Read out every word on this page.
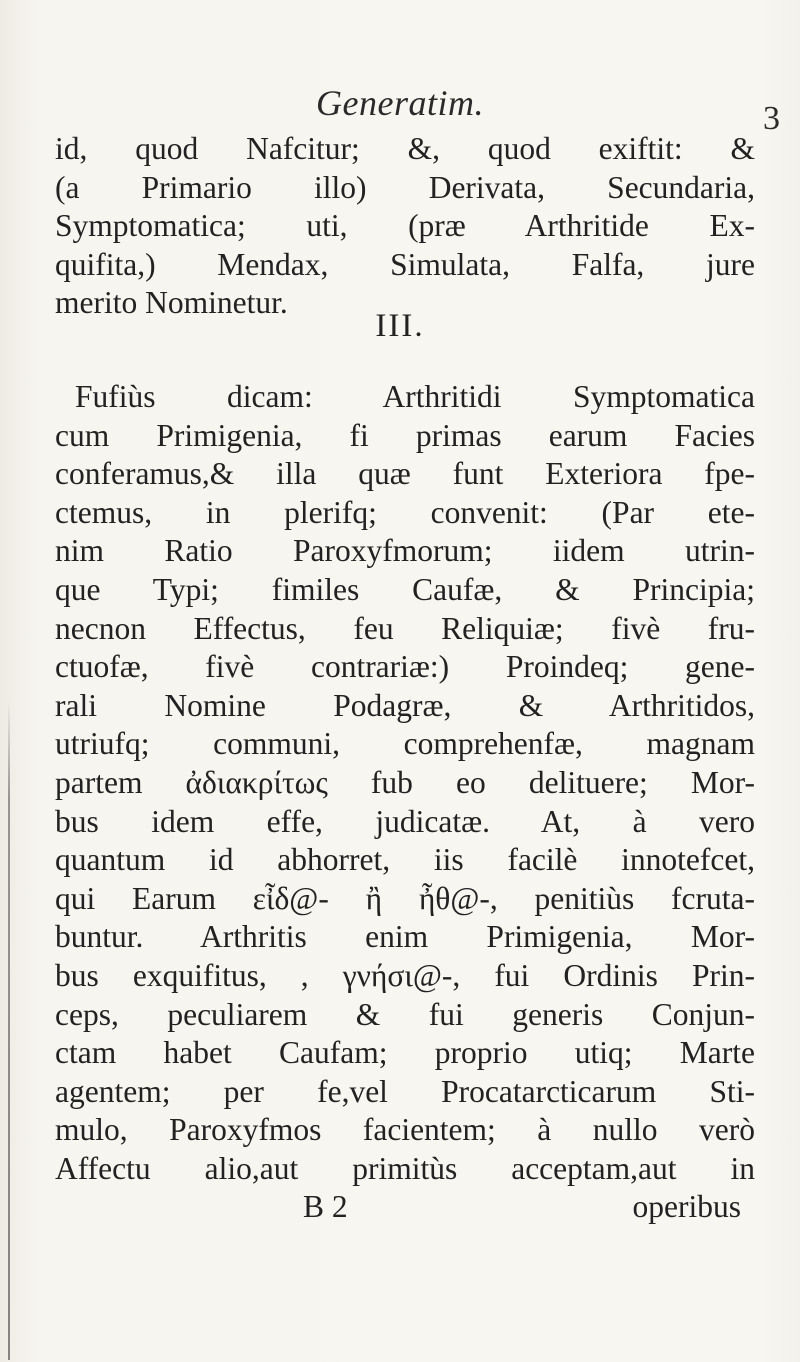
Generatim.	3
id, quod Nafcitur; &, quod exiftit: &
(a Primario illo) Derivata, Secundaria,
Symptomatica; uti, (præ Arthritide Ex-
quifita,) Mendax, Simulata, Falfa, jure
merito Nominetur.
III.
Fufiùs dicam: Arthritidi Symptomatica
cum Primigenia, fi primas earum Facies
conferamus,& illa quæ funt Exteriora fpe-
ctemus, in plerifq; convenit: (Par ete-
nim Ratio Paroxyfmorum; iidem utrin-
que Typi; fimiles Caufæ, & Principia;
necnon Effectus, feu Reliquiæ; fivè fru-
ctuofæ, fivè contrariæ:) Proindeq; gene-
rali Nomine Podagræ, & Arthritidos,
utriufq; communi, comprehenfæ, magnam
partem ἀδιακρίτως fub eo delituere; Mor-
bus idem effe, judicatæ. At, à vero
quantum id abhorret, iis facilè innotefcet,
qui Earum εἶδ@- ἢ ἦθ@-, penitiùs fcruta-
buntur. Arthritis enim Primigenia, Mor-
bus exquifitus, , γνήσι@-, fui Ordinis Prin-
ceps, peculiarem & fui generis Conjun-
ctam habet Caufam; proprio utiq; Marte
agentem; per fe,vel Procatarcticarum Sti-
mulo, Paroxyfmos facientem; à nullo verò
Affectu alio,aut primitùs acceptam,aut in
B 2	operibus
